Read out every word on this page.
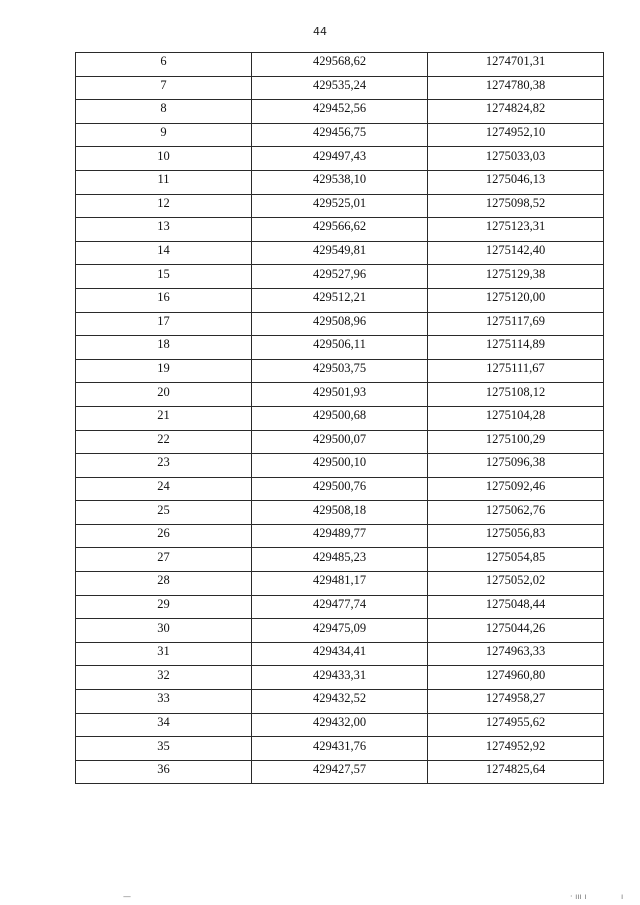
44
6	429568,62	1274701,31
7	429535,24	1274780,38
8	429452,56	1274824,82
9	429456,75	1274952,10
10	429497,43	1275033,03
11	429538,10	1275046,13
12	429525,01	1275098,52
13	429566,62	1275123,31
14	429549,81	1275142,40
15	429527,96	1275129,38
16	429512,21	1275120,00
17	429508,96	1275117,69
18	429506,11	1275114,89
19	429503,75	1275111,67
20	429501,93	1275108,12
21	429500,68	1275104,28
22	429500,07	1275100,29
23	429500,10	1275096,38
24	429500,76	1275092,46
25	429508,18	1275062,76
26	429489,77	1275056,83
27	429485,23	1275054,85
28	429481,17	1275052,02
29	429477,74	1275048,44
30	429475,09	1275044,26
31	429434,41	1274963,33
32	429433,31	1274960,80
33	429432,52	1274958,27
34	429432,00	1274955,62
35	429431,76	1274952,92
36	429427,57	1274825,64
—	· ııı ı	ı
